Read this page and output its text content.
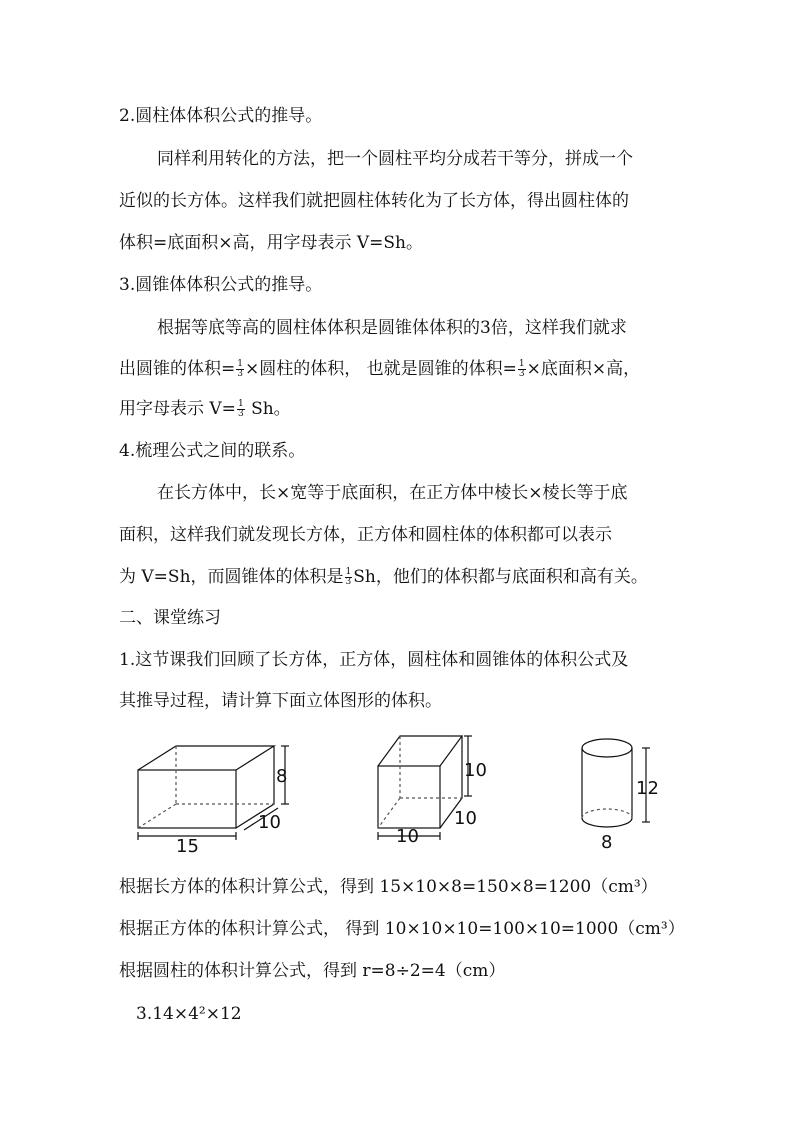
2.圆柱体体积公式的推导。
同样利用转化的方法，把一个圆柱平均分成若干等分，拼成一个
近似的长方体。这样我们就把圆柱体转化为了长方体，得出圆柱体的
体积=底面积×高，用字母表示 V=Sh。
3.圆锥体体积公式的推导。
根据等底等高的圆柱体体积是圆锥体体积的3倍，这样我们就求
出圆锥的体积= $\frac{1}{3}$ ×圆柱的体积， 也就是圆锥的体积= $\frac{1}{3}$ ×底面积×高，
用字母表示 $V= \frac{1}{3}$ Sh。
4.梳理公式之间的联系。
在长方体中，长×宽等于底面积，在正方体中棱长×棱长等于底
面积，这样我们就发现长方体，正方体和圆柱体的体积都可以表示
为 V=Sh，而圆锥体的体积是 $\frac{1}{3}$ Sh，他们的体积都与底面积和高有关。
二、课堂练习
1.这节课我们回顾了长方体，正方体，圆柱体和圆锥体的体积公式及
其推导过程，请计算下面立体图形的体积。
8
10
15
10
10
10
12
8
根据长方体的体积计算公式，得到 15×10×8=150×8=1200（cm³）
根据正方体的体积计算公式， 得到 10×10×10=100×10=1000（cm³）
根据圆柱的体积计算公式，得到 r=8÷2=4（cm）
3.14×4²×12
